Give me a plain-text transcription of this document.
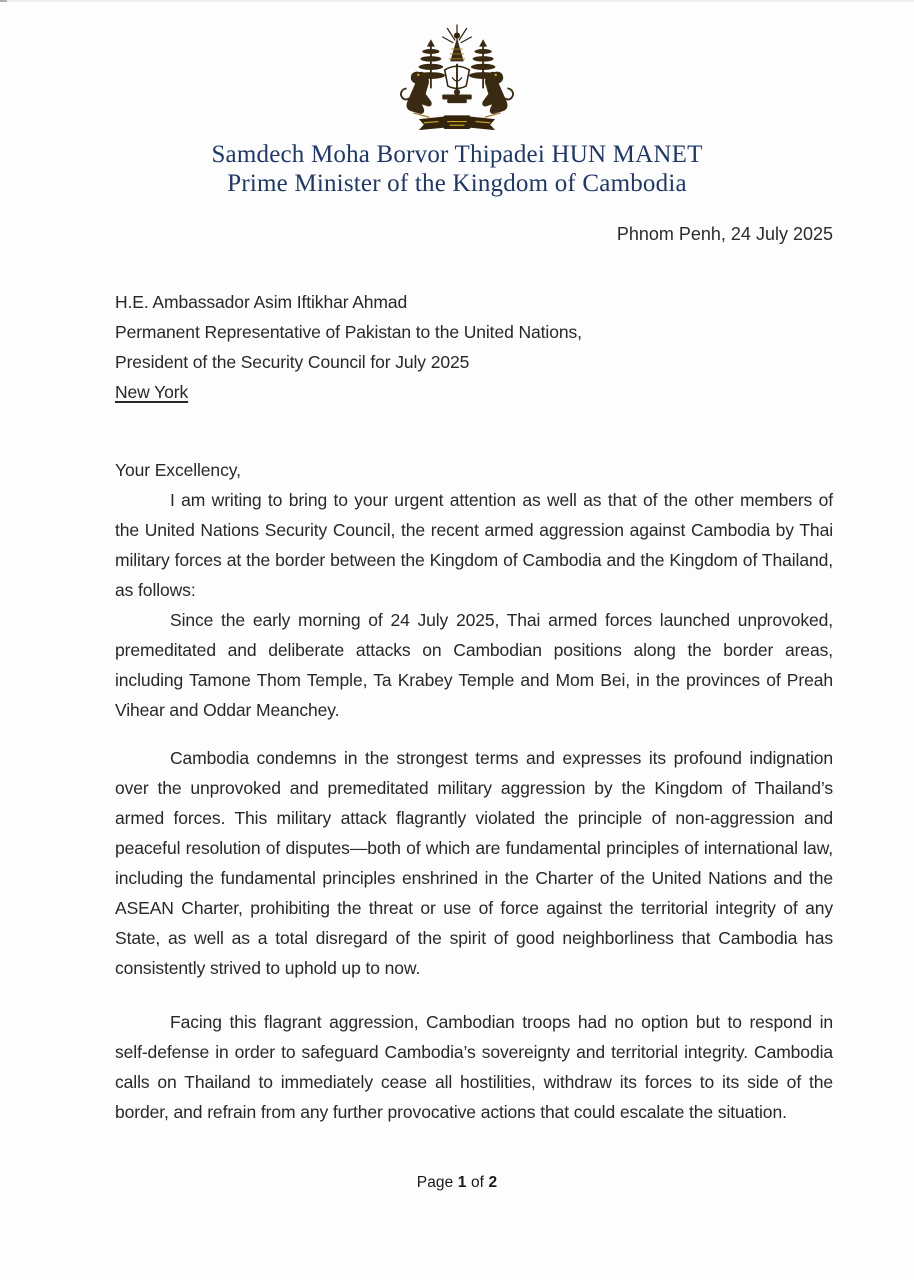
Samdech Moha Borvor Thipadei HUN MANET
Prime Minister of the Kingdom of Cambodia
Phnom Penh, 24 July 2025
H.E. Ambassador Asim Iftikhar Ahmad
Permanent Representative of Pakistan to the United Nations,
President of the Security Council for July 2025
New York
Your Excellency,

I am writing to bring to your urgent attention as well as that of the other members of the United Nations Security Council, the recent armed aggression against Cambodia by Thai military forces at the border between the Kingdom of Cambodia and the Kingdom of Thailand, as follows:

Since the early morning of 24 July 2025, Thai armed forces launched unprovoked, premeditated and deliberate attacks on Cambodian positions along the border areas, including Tamone Thom Temple, Ta Krabey Temple and Mom Bei, in the provinces of Preah Vihear and Oddar Meanchey.

Cambodia condemns in the strongest terms and expresses its profound indignation over the unprovoked and premeditated military aggression by the Kingdom of Thailand’s armed forces. This military attack flagrantly violated the principle of non-aggression and peaceful resolution of disputes—both of which are fundamental principles of international law, including the fundamental principles enshrined in the Charter of the United Nations and the ASEAN Charter, prohibiting the threat or use of force against the territorial integrity of any State, as well as a total disregard of the spirit of good neighborliness that Cambodia has consistently strived to uphold up to now.

Facing this flagrant aggression, Cambodian troops had no option but to respond in self-defense in order to safeguard Cambodia’s sovereignty and territorial integrity. Cambodia calls on Thailand to immediately cease all hostilities, withdraw its forces to its side of the border, and refrain from any further provocative actions that could escalate the situation.

Page 1 of 2
